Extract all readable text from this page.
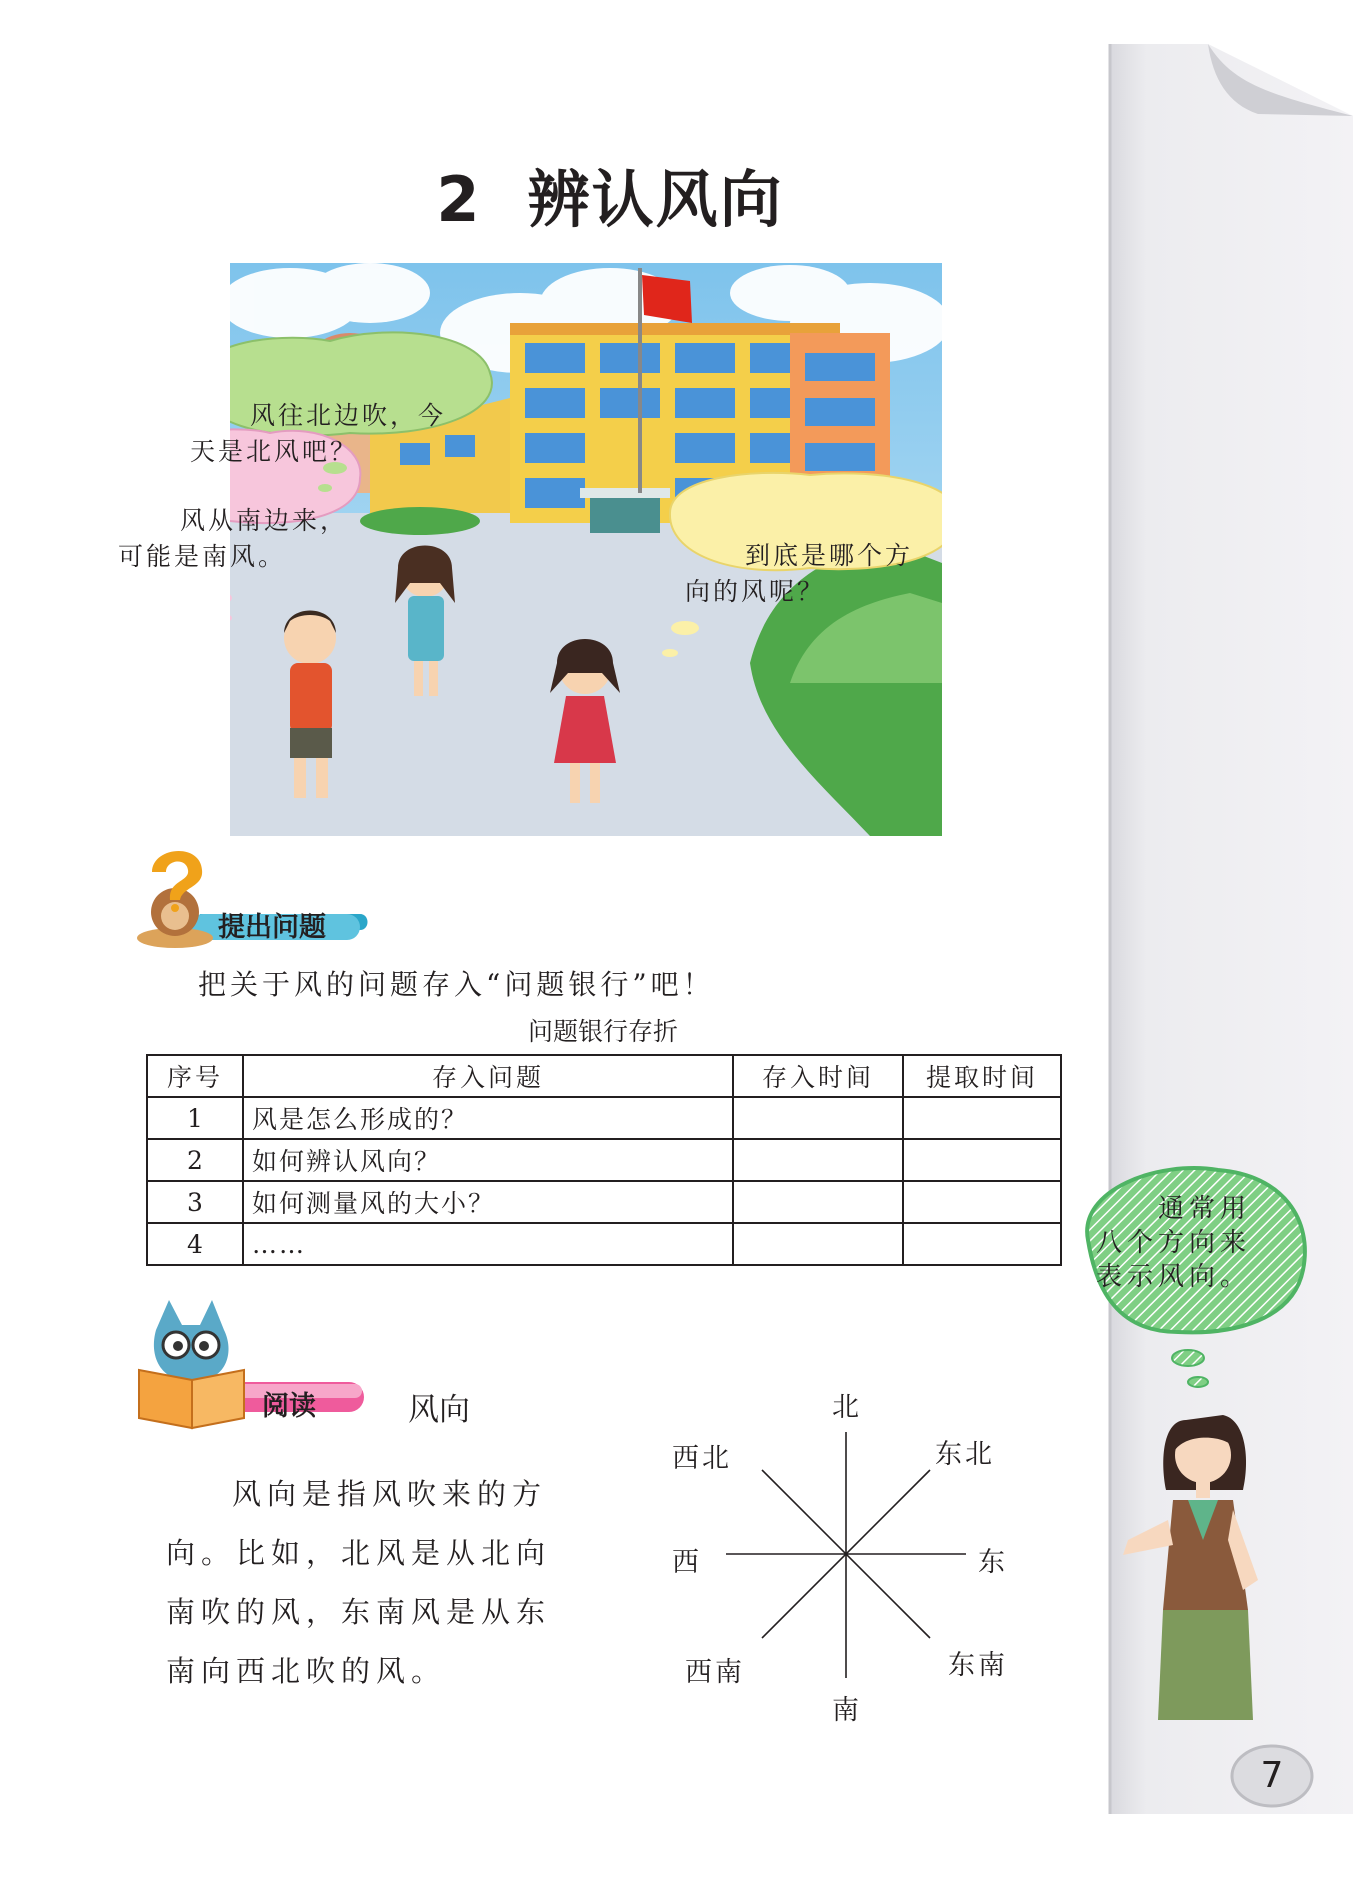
2 辨认风向
风往北边吹，今
天是北风吧？
风从南边来，
可能是南风。	到底是哪个方
向的风呢？
提出问题
把关于风的问题存入“问题银行”吧！
问题银行存折
序号	存入问题	存入时间	提取时间
1	风是怎么形成的？		
2	如何辨认风向？		
3	如何测量风的大小？		
4	……		
阅读	风向
风向是指风吹来的方
向。比如，北风是从北向
南吹的风，东南风是从东
南向西北吹的风。
北
东北
东
东南
南
西南
西
西北
通常用
八个方向来
表示风向。
7
